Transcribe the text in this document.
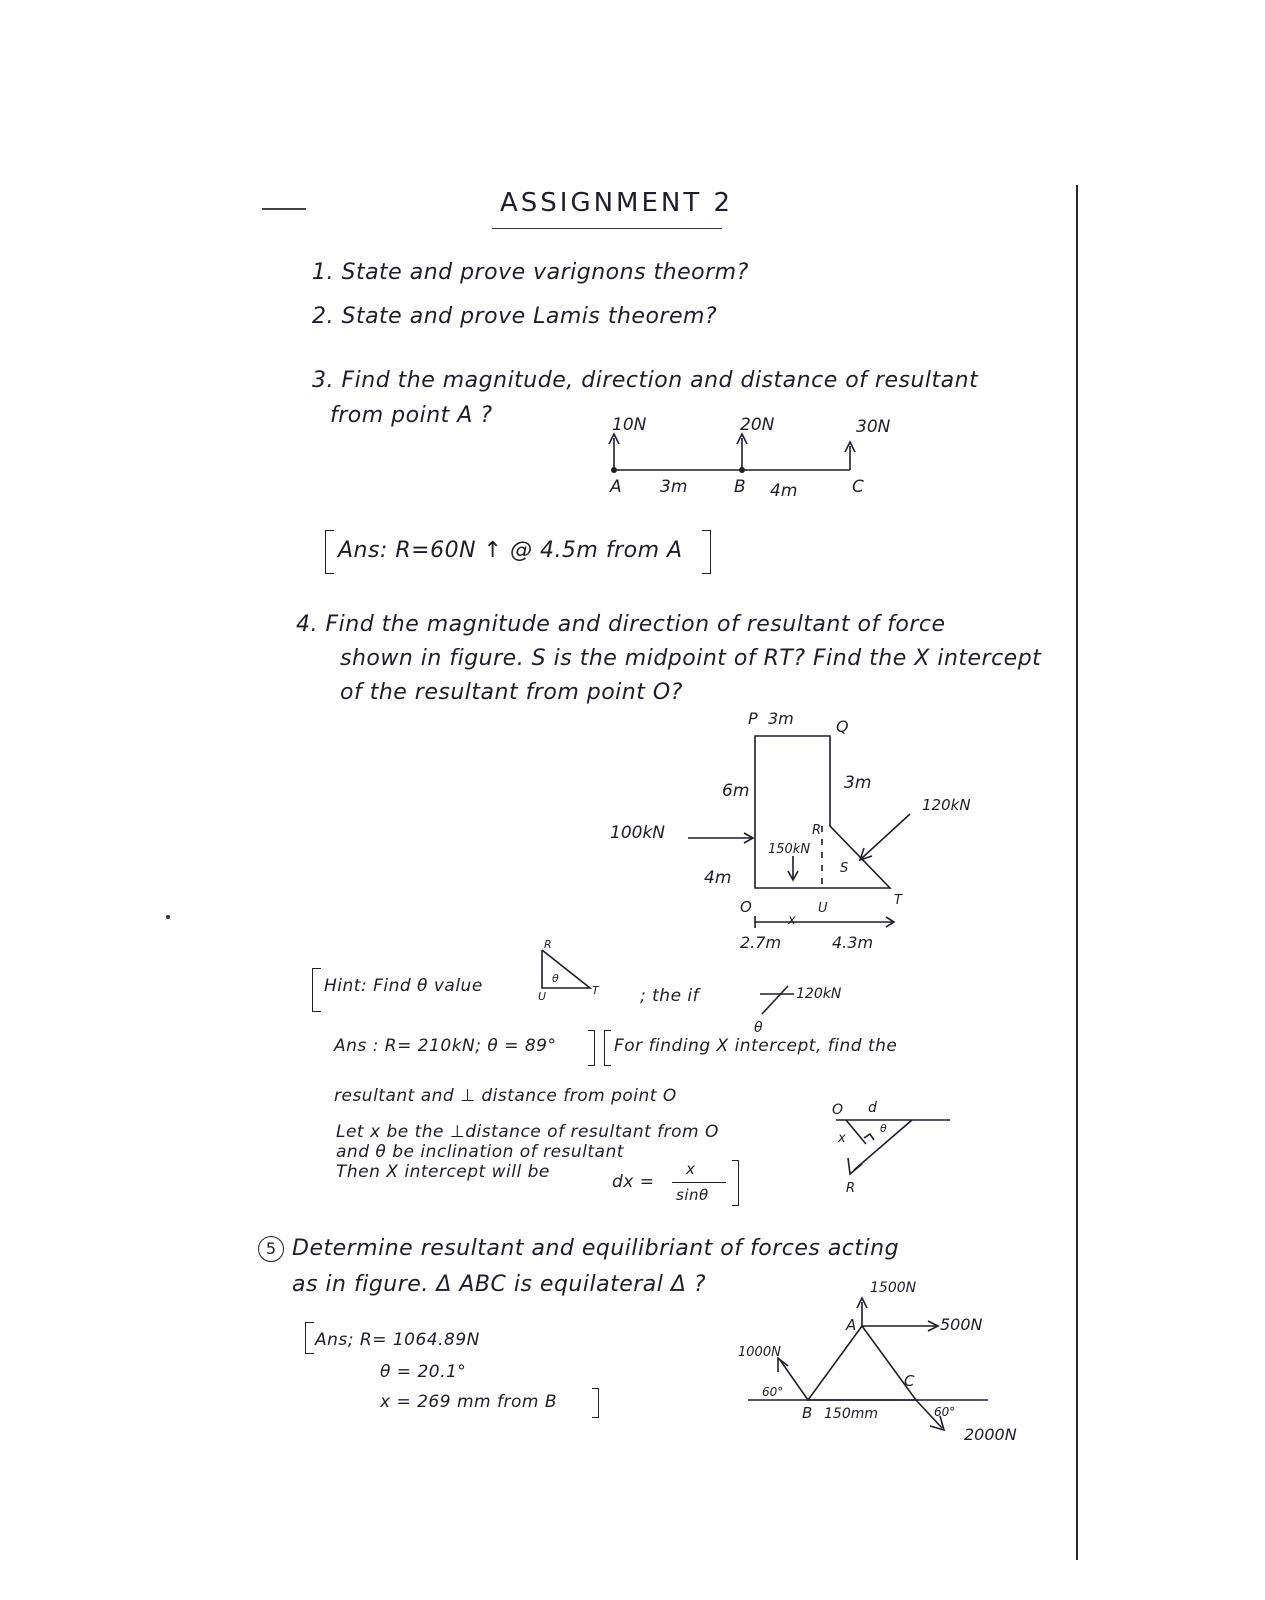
ASSIGNMENT 2
1. State and prove varignons theorm?
2. State and prove Lamis theorem?
3. Find the magnitude, direction and distance of resultant
from point A ?	10N	20N	30N
A	B	C
3m	4m
Ans: R=60N ↑ @ 4.5m from A
4. Find the magnitude and direction of resultant of force
shown in figure. S is the midpoint of RT? Find the X intercept
of the resultant from point O?
P 3m	Q
6m	3m
4m
100kN
150kN
120kN
R
S
T
O	U
x
2.7m	4.3m
Hint: Find θ value
R
θ
U	T ; the if	120kN
θ
Ans : R= 210kN; θ = 89°	For finding X intercept, find the
resultant and ⊥ distance from point O
Let x be the ⊥distance of resultant from O
and θ be inclination of resultant
Then X intercept will be	dx =
x
sinθ
O d
θ
x
R
5 Determine resultant and equilibriant of forces acting
as in figure. Δ ABC is equilateral Δ ?
Ans; R= 1064.89N
θ = 20.1°
x = 269 mm from B
1500N
500N
1000N
2000N
A
B
C
150mm
60°
60°
